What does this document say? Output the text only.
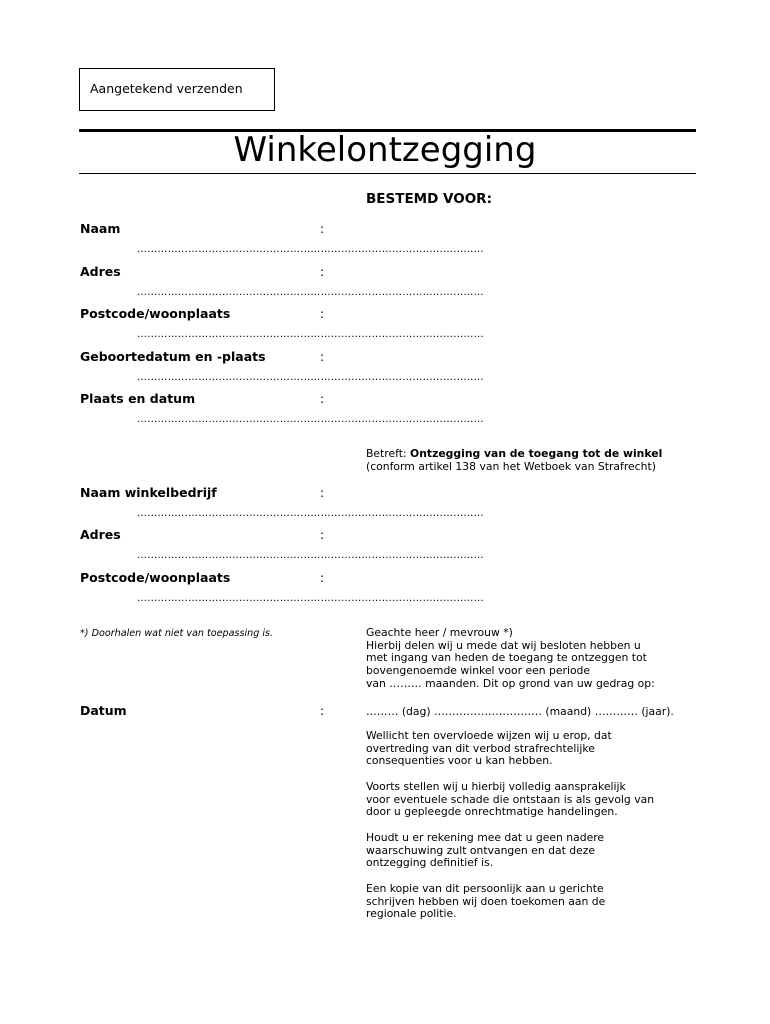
Aangetekend verzenden
Winkelontzegging
BESTEMD VOOR:
Naam	:
…………………………………………………………………………………………
Adres	:
…………………………………………………………………………………………
Postcode/woonplaats	:
…………………………………………………………………………………………
Geboortedatum en -plaats	:
…………………………………………………………………………………………
Plaats en datum	:
…………………………………………………………………………………………
Betreft: Ontzegging van de toegang tot de winkel
(conform artikel 138 van het Wetboek van Strafrecht)
Naam winkelbedrijf	:
…………………………………………………………………………………………
Adres	:
…………………………………………………………………………………………
Postcode/woonplaats	:
…………………………………………………………………………………………
*) Doorhalen wat niet van toepassing is.	Geachte heer / mevrouw *)
Hierbij delen wij u mede dat wij besloten hebben u
met ingang van heden de toegang te ontzeggen tot
bovengenoemde winkel voor een periode
van ……… maanden. Dit op grond van uw gedrag op:
Datum	:	……… (dag) ………………………… (maand) ………… (jaar).
Wellicht ten overvloede wijzen wij u erop, dat
overtreding van dit verbod strafrechtelijke
consequenties voor u kan hebben.
Voorts stellen wij u hierbij volledig aansprakelijk
voor eventuele schade die ontstaan is als gevolg van
door u gepleegde onrechtmatige handelingen.
Houdt u er rekening mee dat u geen nadere
waarschuwing zult ontvangen en dat deze
ontzegging definitief is.
Een kopie van dit persoonlijk aan u gerichte
schrijven hebben wij doen toekomen aan de
regionale politie.
